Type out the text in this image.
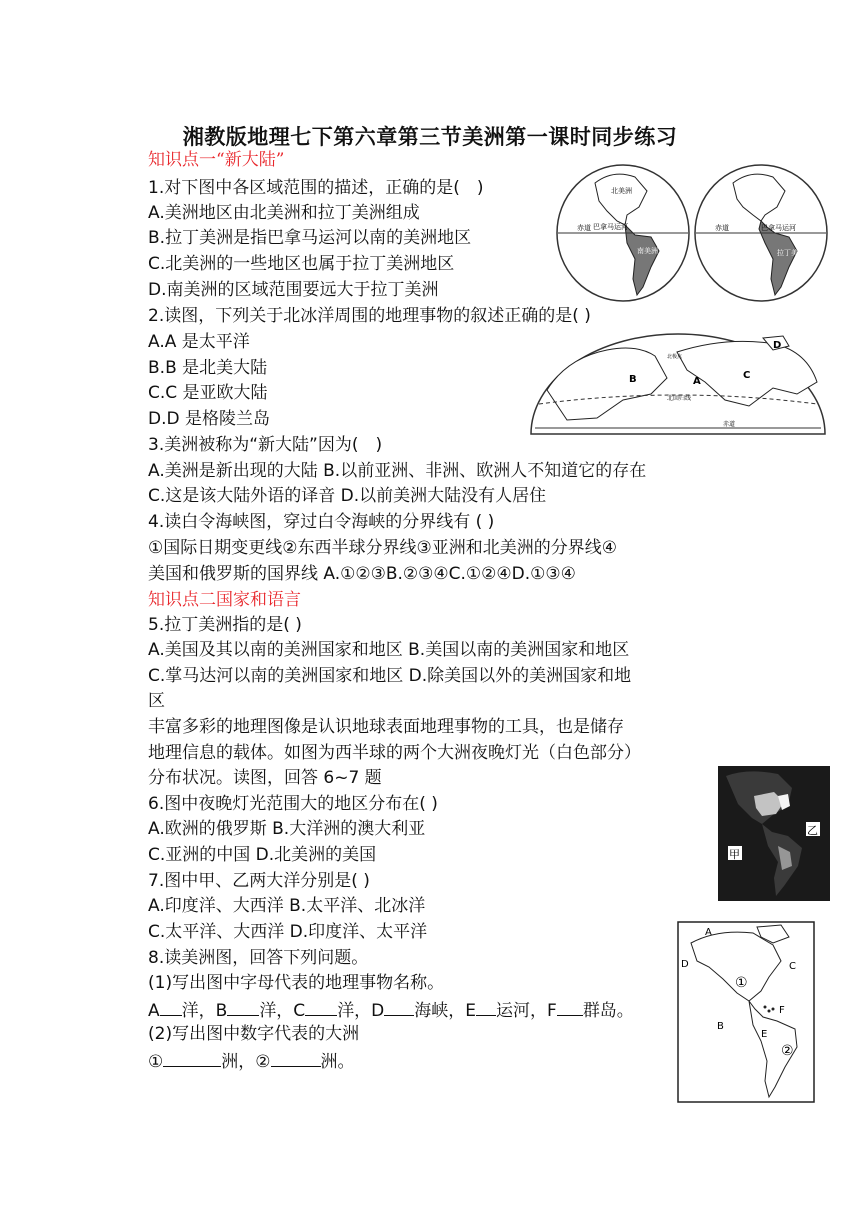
湘教版地理七下第六章第三节美洲第一课时同步练习
知识点一“新大陆”
1.对下图中各区域范围的描述，正确的是(　)
A.美洲地区由北美洲和拉丁美洲组成
B.拉丁美洲是指巴拿马运河以南的美洲地区
C.北美洲的一些地区也属于拉丁美洲地区
D.南美洲的区域范围要远大于拉丁美洲
赤道 巴拿马运河
北美洲
南美洲
赤道	巴拿马运河
拉丁美洲
2.读图，下列关于北冰洋周围的地理事物的叙述正确的是( )
A.A 是太平洋
B.B 是北美大陆
C.C 是亚欧大陆
D.D 是格陵兰岛
D
B	C
A
北回归线
赤道
北极点
3.美洲被称为“新大陆”因为(　)
A.美洲是新出现的大陆 B.以前亚洲、非洲、欧洲人不知道它的存在
C.这是该大陆外语的译音 D.以前美洲大陆没有人居住
4.读白令海峡图，穿过白令海峡的分界线有 ( )
①国际日期变更线②东西半球分界线③亚洲和北美洲的分界线④
美国和俄罗斯的国界线 A.①②③B.②③④C.①②④D.①③④
知识点二国家和语言
5.拉丁美洲指的是( )
A.美国及其以南的美洲国家和地区 B.美国以南的美洲国家和地区
C.掌马达河以南的美洲国家和地区 D.除美国以外的美洲国家和地
区
丰富多彩的地理图像是认识地球表面地理事物的工具，也是储存
地理信息的载体。如图为西半球的两个大洲夜晚灯光（白色部分）
分布状况。读图，回答 6~7 题
乙
甲
6.图中夜晚灯光范围大的地区分布在( )
A.欧洲的俄罗斯 B.大洋洲的澳大利亚
C.亚洲的中国 D.北美洲的美国
7.图中甲、乙两大洋分别是( )
A.印度洋、大西洋 B.太平洋、北冰洋
C.太平洋、大西洋 D.印度洋、太平洋
8.读美洲图，回答下列问题。
(1)写出图中字母代表的地理事物名称。
A 洋，B 洋，C 洋，D 海峡，E 运河，F 群岛。
(2)写出图中数字代表的大洲
①	洲，②	洲。
A
D	C
B
E
F
①
②
